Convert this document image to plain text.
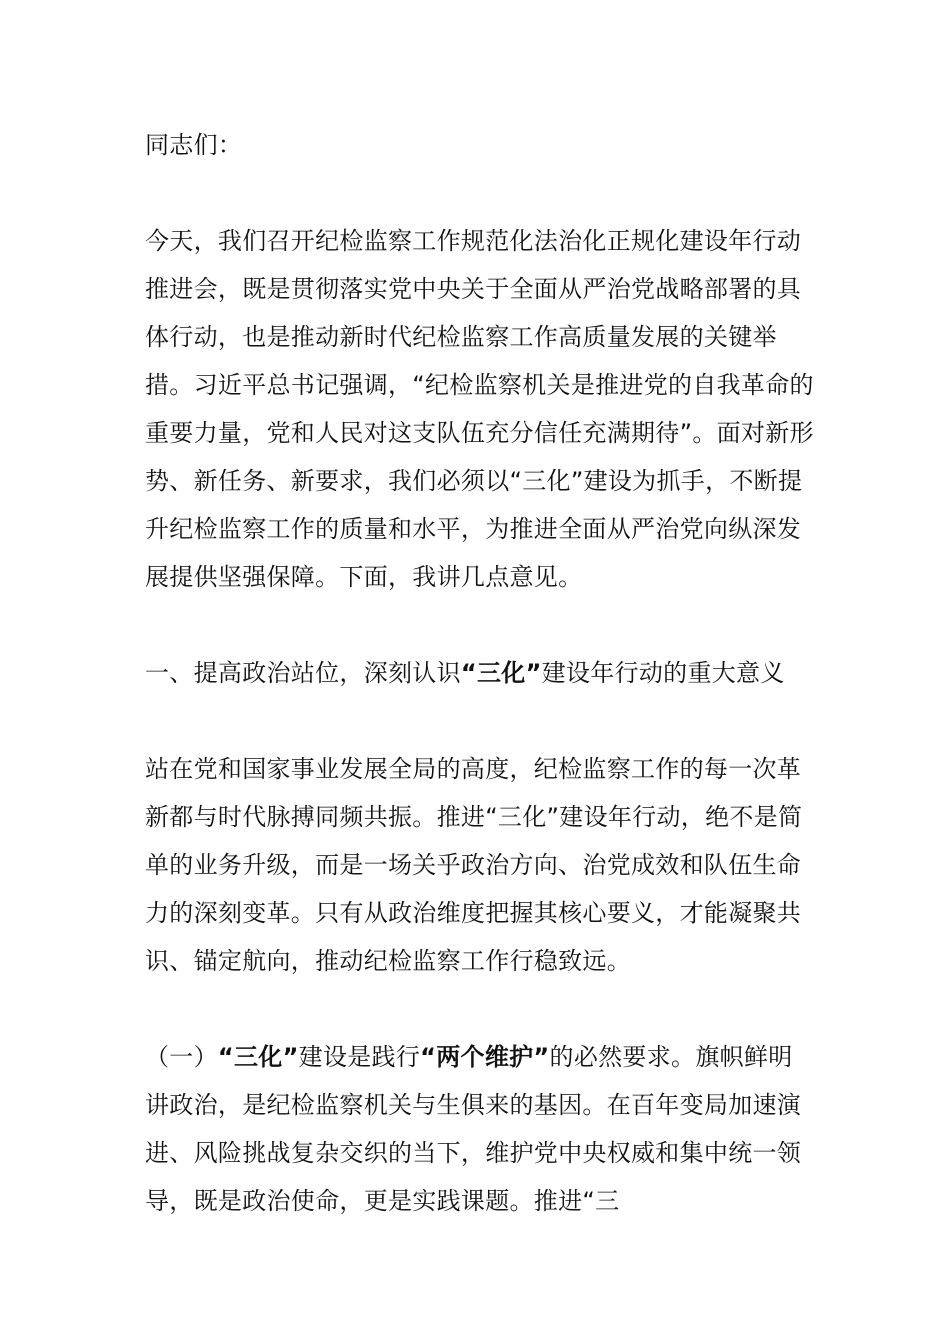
同志们：
今天，我们召开纪检监察工作规范化法治化正规化建设年行动推进会，既是贯彻落实党中央关于全面从严治党战略部署的具体行动，也是推动新时代纪检监察工作高质量发展的关键举措。习近平总书记强调，“纪检监察机关是推进党的自我革命的重要力量，党和人民对这支队伍充分信任充满期待”。面对新形势、新任务、新要求，我们必须以“三化”建设为抓手，不断提升纪检监察工作的质量和水平，为推进全面从严治党向纵深发展提供坚强保障。下面，我讲几点意见。
一、提高政治站位，深刻认识“三化”建设年行动的重大意义
站在党和国家事业发展全局的高度，纪检监察工作的每一次革新都与时代脉搏同频共振。推进“三化”建设年行动，绝不是简单的业务升级，而是一场关乎政治方向、治党成效和队伍生命力的深刻变革。只有从政治维度把握其核心要义，才能凝聚共识、锚定航向，推动纪检监察工作行稳致远。
（一）“三化”建设是践行“两个维护”的必然要求。旗帜鲜明讲政治，是纪检监察机关与生俱来的基因。在百年变局加速演进、风险挑战复杂交织的当下，维护党中央权威和集中统一领导，既是政治使命，更是实践课题。推进“三
